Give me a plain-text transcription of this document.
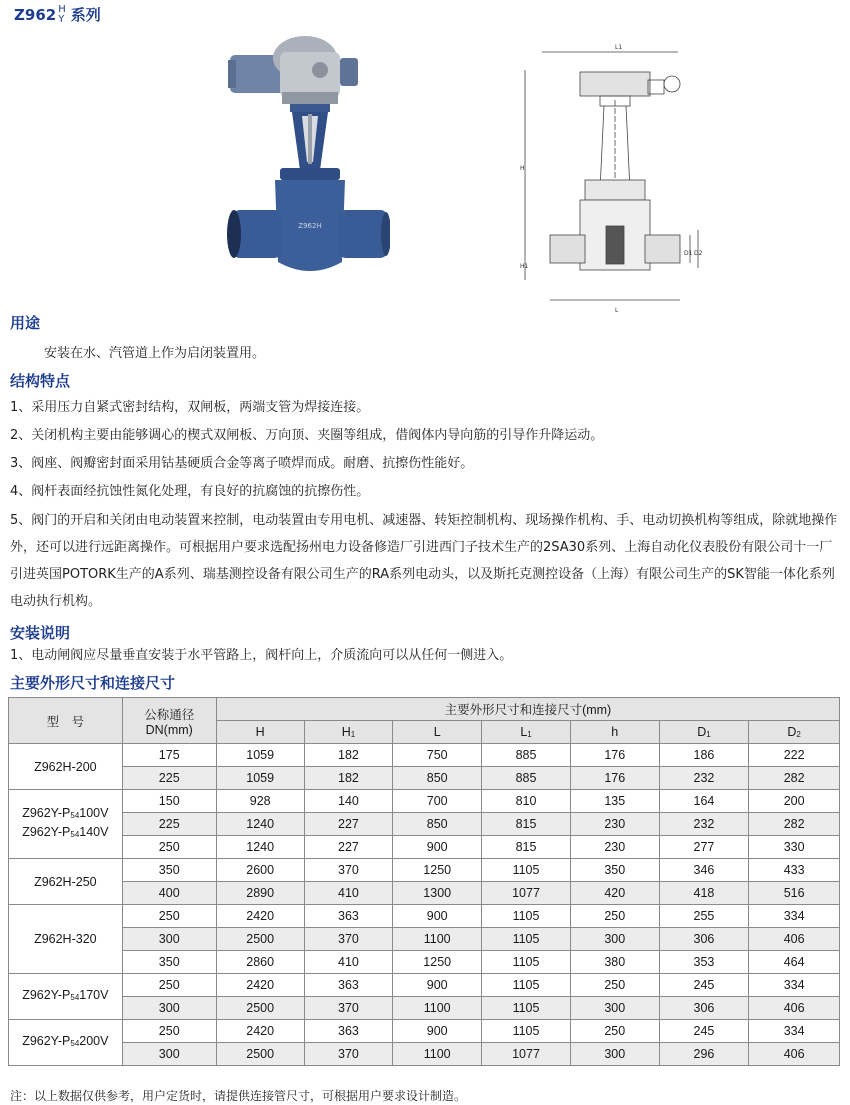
Z962 H
Y 系列
Z962H
L1
H
H1
L
D1 D2
用途
安装在水、汽管道上作为启闭装置用。
结构特点
1、采用压力自紧式密封结构，双闸板，两端支管为焊接连接。
2、关闭机构主要由能够调心的楔式双闸板、万向顶、夹圈等组成，借阀体内导向筋的引导作升降运动。
3、阀座、阀瓣密封面采用钴基硬质合金等离子喷焊而成。耐磨、抗擦伤性能好。
4、阀杆表面经抗蚀性氮化处理，有良好的抗腐蚀的抗擦伤性。
5、阀门的开启和关闭由电动装置来控制，电动装置由专用电机、减速器、转矩控制机构、现场操作机构、手、电动切换机构等组成，除就地操作外，还可以进行远距离操作。可根据用户要求选配扬州电力设备修造厂引进西门子技术生产的2SA30系列、上海自动化仪表股份有限公司十一厂引进英国POTORK生产的A系列、瑞基测控设备有限公司生产的RA系列电动头，以及斯托克测控设备（上海）有限公司生产的SK智能一体化系列电动执行机构。
安装说明
1、电动闸阀应尽量垂直安装于水平管路上，阀杆向上，介质流向可以从任何一侧进入。
主要外形尺寸和连接尺寸
型　号	公称通径
DN(mm)	主要外形尺寸和连接尺寸(mm)						
		H	$H_1$	L	$L_1$	h	$D_1$	$D_2$

Z962H-200	175	1059	182	750	885	176	186	222
	225	1059	182	850	885	176	232	282

$Z962Y-P_{54}100V$
$Z962Y-P_{54}140V$	150	928	140	700	810	135	164	200
	225	1240	227	850	815	230	232	282
	250	1240	227	900	815	230	277	330

Z962H-250	350	2600	370	1250	1105	350	346	433
	400	2890	410	1300	1077	420	418	516

Z962H-320	250	2420	363	900	1105	250	255	334
	300	2500	370	1100	1105	300	306	406
	350	2860	410	1250	1105	380	353	464

$Z962Y-P_{54}170V$	250	2420	363	900	1105	250	245	334
	300	2500	370	1100	1105	300	306	406

$Z962Y-P_{54}200V$	250	2420	363	900	1105	250	245	334
	300	2500	370	1100	1077	300	296	406
注：以上数据仅供参考，用户定货时，请提供连接管尺寸，可根据用户要求设计制造。
